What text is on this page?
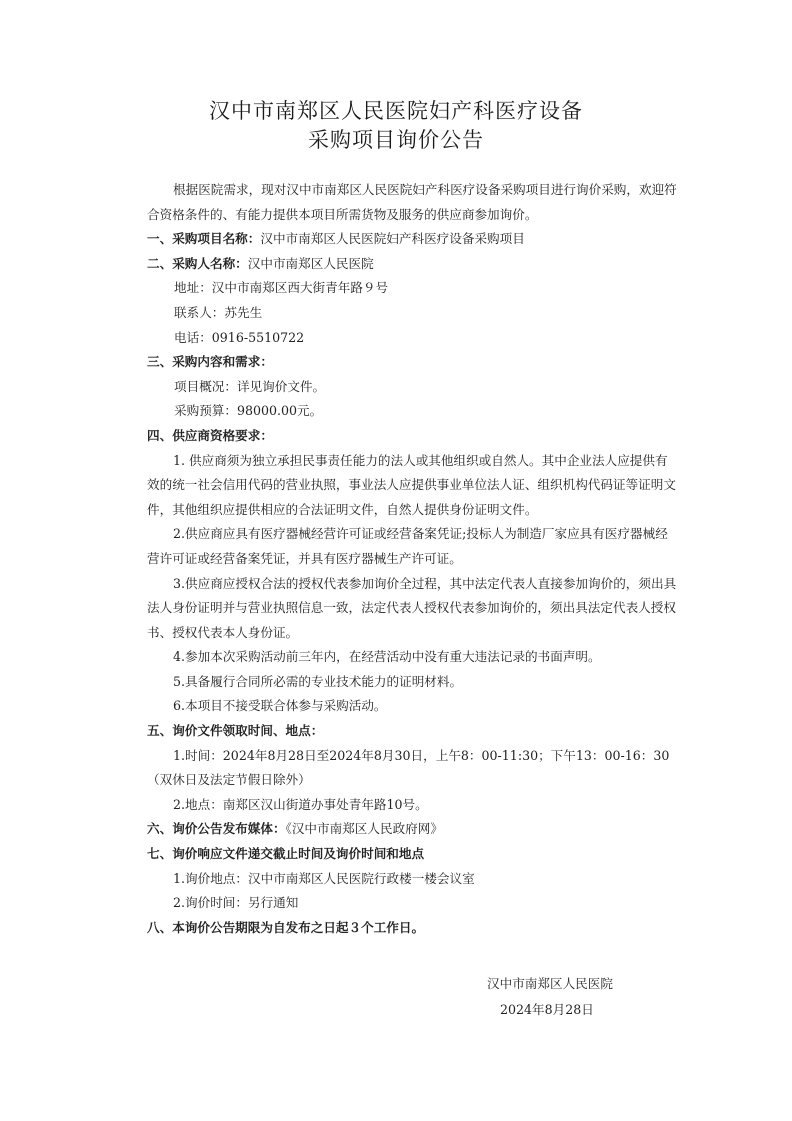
汉中市南郑区人民医院妇产科医疗设备
采购项目询价公告

根据医院需求，现对汉中市南郑区人民医院妇产科医疗设备采购项目进行询价采购，欢迎符合资格条件的、有能力提供本项目所需货物及服务的供应商参加询价。

一、采购项目名称：汉中市南郑区人民医院妇产科医疗设备采购项目

二、采购人名称：汉中市南郑区人民医院

地址：汉中市南郑区西大街青年路９号

联系人：苏先生

电话：0916-5510722

三、采购内容和需求：

项目概况：详见询价文件。

采购预算：98000.00元。

四、供应商资格要求：

1. 供应商须为独立承担民事责任能力的法人或其他组织或自然人。其中企业法人应提供有效的统一社会信用代码的营业执照，事业法人应提供事业单位法人证、组织机构代码证等证明文件，其他组织应提供相应的合法证明文件，自然人提供身份证明文件。

2.供应商应具有医疗器械经营许可证或经营备案凭证;投标人为制造厂家应具有医疗器械经营许可证或经营备案凭证，并具有医疗器械生产许可证。

3.供应商应授权合法的授权代表参加询价全过程，其中法定代表人直接参加询价的，须出具法人身份证明并与营业执照信息一致，法定代表人授权代表参加询价的，须出具法定代表人授权书、授权代表本人身份证。

4.参加本次采购活动前三年内，在经营活动中没有重大违法记录的书面声明。

5.具备履行合同所必需的专业技术能力的证明材料。

6.本项目不接受联合体参与采购活动。

五、询价文件领取时间、地点：

1.时间：2024年8月28日至2024年8月30日，上午8：00-11:30；下午13：00-16：30（双休日及法定节假日除外）

2.地点：南郑区汉山街道办事处青年路10号。

六、询价公告发布媒体：《汉中市南郑区人民政府网》

七、询价响应文件递交截止时间及询价时间和地点

1.询价地点：汉中市南郑区人民医院行政楼一楼会议室

2.询价时间：另行通知

八、本询价公告期限为自发布之日起３个工作日。

汉中市南郑区人民医院
2024年8月28日
